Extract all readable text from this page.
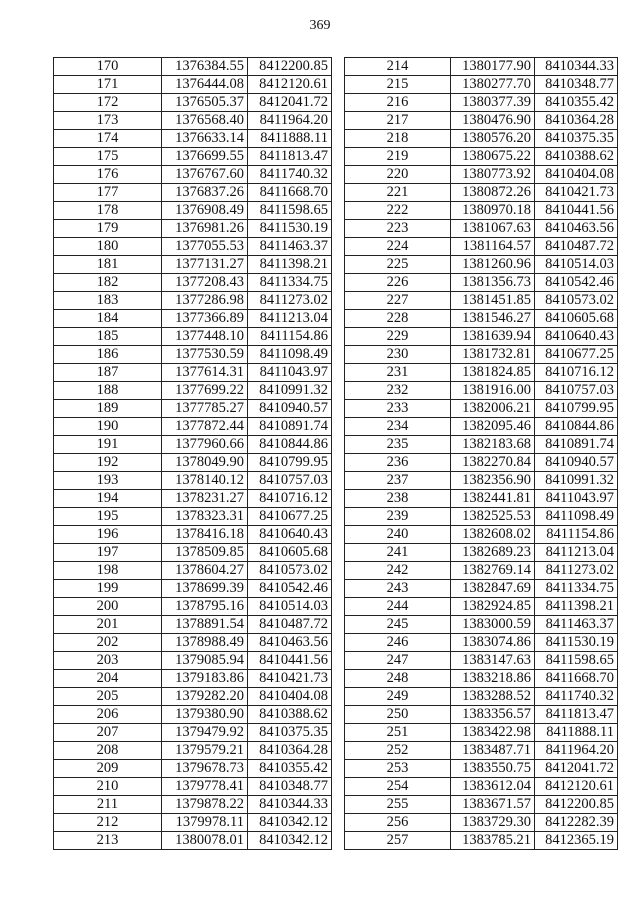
369
170	1376384.55	8412200.85
171	1376444.08	8412120.61
172	1376505.37	8412041.72
173	1376568.40	8411964.20
174	1376633.14	8411888.11
175	1376699.55	8411813.47
176	1376767.60	8411740.32
177	1376837.26	8411668.70
178	1376908.49	8411598.65
179	1376981.26	8411530.19
180	1377055.53	8411463.37
181	1377131.27	8411398.21
182	1377208.43	8411334.75
183	1377286.98	8411273.02
184	1377366.89	8411213.04
185	1377448.10	8411154.86
186	1377530.59	8411098.49
187	1377614.31	8411043.97
188	1377699.22	8410991.32
189	1377785.27	8410940.57
190	1377872.44	8410891.74
191	1377960.66	8410844.86
192	1378049.90	8410799.95
193	1378140.12	8410757.03
194	1378231.27	8410716.12
195	1378323.31	8410677.25
196	1378416.18	8410640.43
197	1378509.85	8410605.68
198	1378604.27	8410573.02
199	1378699.39	8410542.46
200	1378795.16	8410514.03
201	1378891.54	8410487.72
202	1378988.49	8410463.56
203	1379085.94	8410441.56
204	1379183.86	8410421.73
205	1379282.20	8410404.08
206	1379380.90	8410388.62
207	1379479.92	8410375.35
208	1379579.21	8410364.28
209	1379678.73	8410355.42
210	1379778.41	8410348.77
211	1379878.22	8410344.33
212	1379978.11	8410342.12
213	1380078.01	8410342.12
214	1380177.90	8410344.33
215	1380277.70	8410348.77
216	1380377.39	8410355.42
217	1380476.90	8410364.28
218	1380576.20	8410375.35
219	1380675.22	8410388.62
220	1380773.92	8410404.08
221	1380872.26	8410421.73
222	1380970.18	8410441.56
223	1381067.63	8410463.56
224	1381164.57	8410487.72
225	1381260.96	8410514.03
226	1381356.73	8410542.46
227	1381451.85	8410573.02
228	1381546.27	8410605.68
229	1381639.94	8410640.43
230	1381732.81	8410677.25
231	1381824.85	8410716.12
232	1381916.00	8410757.03
233	1382006.21	8410799.95
234	1382095.46	8410844.86
235	1382183.68	8410891.74
236	1382270.84	8410940.57
237	1382356.90	8410991.32
238	1382441.81	8411043.97
239	1382525.53	8411098.49
240	1382608.02	8411154.86
241	1382689.23	8411213.04
242	1382769.14	8411273.02
243	1382847.69	8411334.75
244	1382924.85	8411398.21
245	1383000.59	8411463.37
246	1383074.86	8411530.19
247	1383147.63	8411598.65
248	1383218.86	8411668.70
249	1383288.52	8411740.32
250	1383356.57	8411813.47
251	1383422.98	8411888.11
252	1383487.71	8411964.20
253	1383550.75	8412041.72
254	1383612.04	8412120.61
255	1383671.57	8412200.85
256	1383729.30	8412282.39
257	1383785.21	8412365.19
